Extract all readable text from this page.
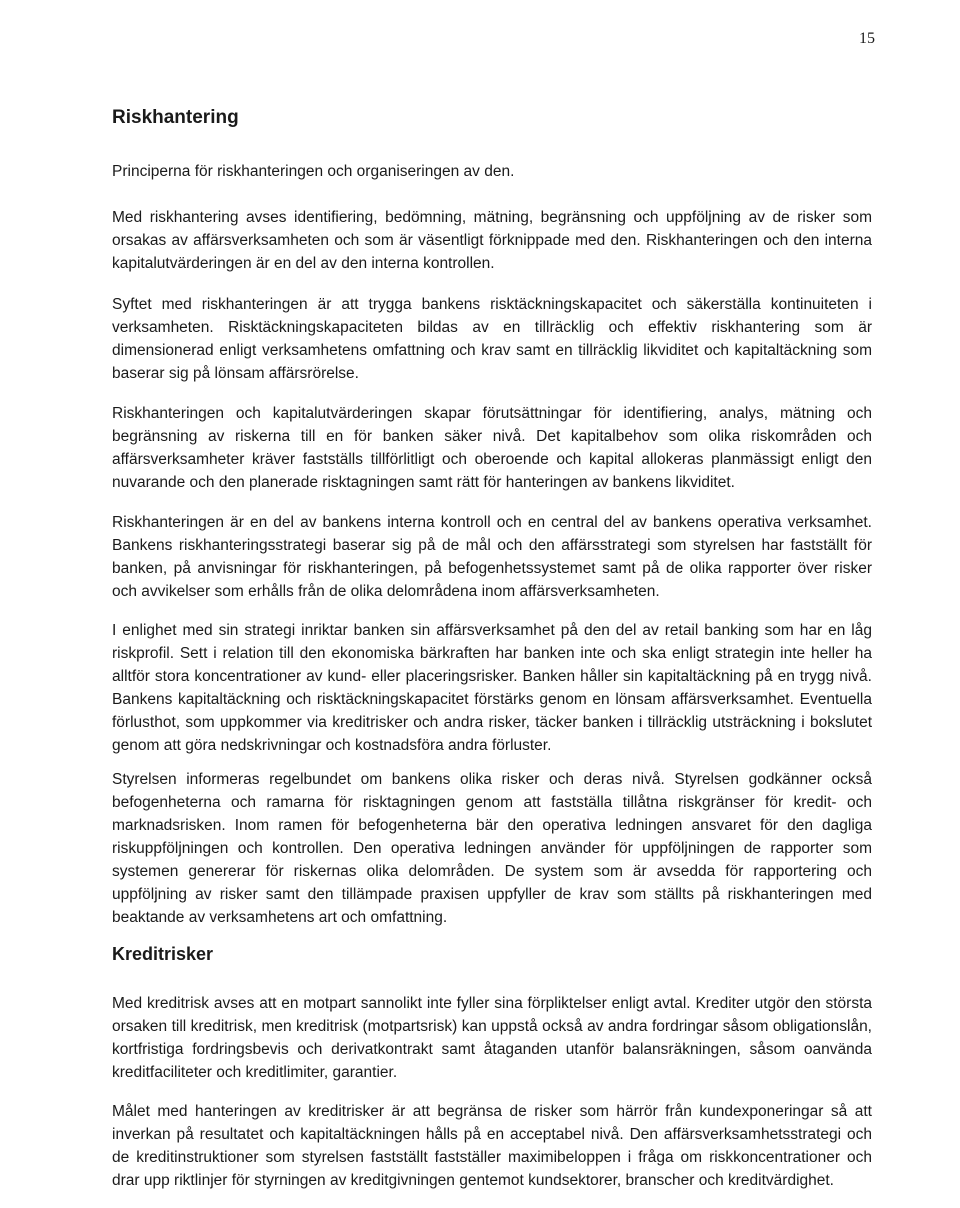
15
Riskhantering

Principerna för riskhanteringen och organiseringen av den.

Med riskhantering avses identifiering, bedömning, mätning, begränsning och uppföljning av de risker som orsakas av affärsverksamheten och som är väsentligt förknippade med den. Riskhanteringen och den interna kapitalutvärderingen är en del av den interna kontrollen.

Syftet med riskhanteringen är att trygga bankens risktäckningskapacitet och säkerställa kontinuiteten i verksamheten. Risktäckningskapaciteten bildas av en tillräcklig och effektiv riskhantering som är dimensionerad enligt verksamhetens omfattning och krav samt en tillräcklig likviditet och kapitaltäckning som baserar sig på lönsam affärsrörelse.

Riskhanteringen och kapitalutvärderingen skapar förutsättningar för identifiering, analys, mätning och begränsning av riskerna till en för banken säker nivå. Det kapitalbehov som olika riskområden och affärsverksamheter kräver fastställs tillförlitligt och oberoende och kapital allokeras planmässigt enligt den nuvarande och den planerade risktagningen samt rätt för hanteringen av bankens likviditet.

Riskhanteringen är en del av bankens interna kontroll och en central del av bankens operativa verksamhet. Bankens riskhanteringsstrategi baserar sig på de mål och den affärsstrategi som styrelsen har fastställt för banken, på anvisningar för riskhanteringen, på befogenhetssystemet samt på de olika rapporter över risker och avvikelser som erhålls från de olika delområdena inom affärsverksamheten.

I enlighet med sin strategi inriktar banken sin affärsverksamhet på den del av retail banking som har en låg riskprofil. Sett i relation till den ekonomiska bärkraften har banken inte och ska enligt strategin inte heller ha alltför stora koncentrationer av kund- eller placeringsrisker. Banken håller sin kapitaltäckning på en trygg nivå. Bankens kapitaltäckning och risktäckningskapacitet förstärks genom en lönsam affärsverksamhet. Eventuella förlusthot, som uppkommer via kreditrisker och andra risker, täcker banken i tillräcklig utsträckning i bokslutet genom att göra nedskrivningar och kostnadsföra andra förluster.

Styrelsen informeras regelbundet om bankens olika risker och deras nivå. Styrelsen godkänner också befogenheterna och ramarna för risktagningen genom att fastställa tillåtna riskgränser för kredit- och marknadsrisken. Inom ramen för befogenheterna bär den operativa ledningen ansvaret för den dagliga riskuppföljningen och kontrollen. Den operativa ledningen använder för uppföljningen de rapporter som systemen genererar för riskernas olika delområden. De system som är avsedda för rapportering och uppföljning av risker samt den tillämpade praxisen uppfyller de krav som ställts på riskhanteringen med beaktande av verksamhetens art och omfattning.

Kreditrisker

Med kreditrisk avses att en motpart sannolikt inte fyller sina förpliktelser enligt avtal. Krediter utgör den största orsaken till kreditrisk, men kreditrisk (motpartsrisk) kan uppstå också av andra fordringar såsom obligationslån, kortfristiga fordringsbevis och derivatkontrakt samt åtaganden utanför balansräkningen, såsom oanvända kreditfaciliteter och kreditlimiter, garantier.

Målet med hanteringen av kreditrisker är att begränsa de risker som härrör från kundexponeringar så att inverkan på resultatet och kapitaltäckningen hålls på en acceptabel nivå. Den affärsverksamhetsstrategi och de kreditinstruktioner som styrelsen fastställt fastställer maximibeloppen i fråga om riskkoncentrationer och drar upp riktlinjer för styrningen av kreditgivningen gentemot kundsektorer, branscher och kreditvärdighet.
